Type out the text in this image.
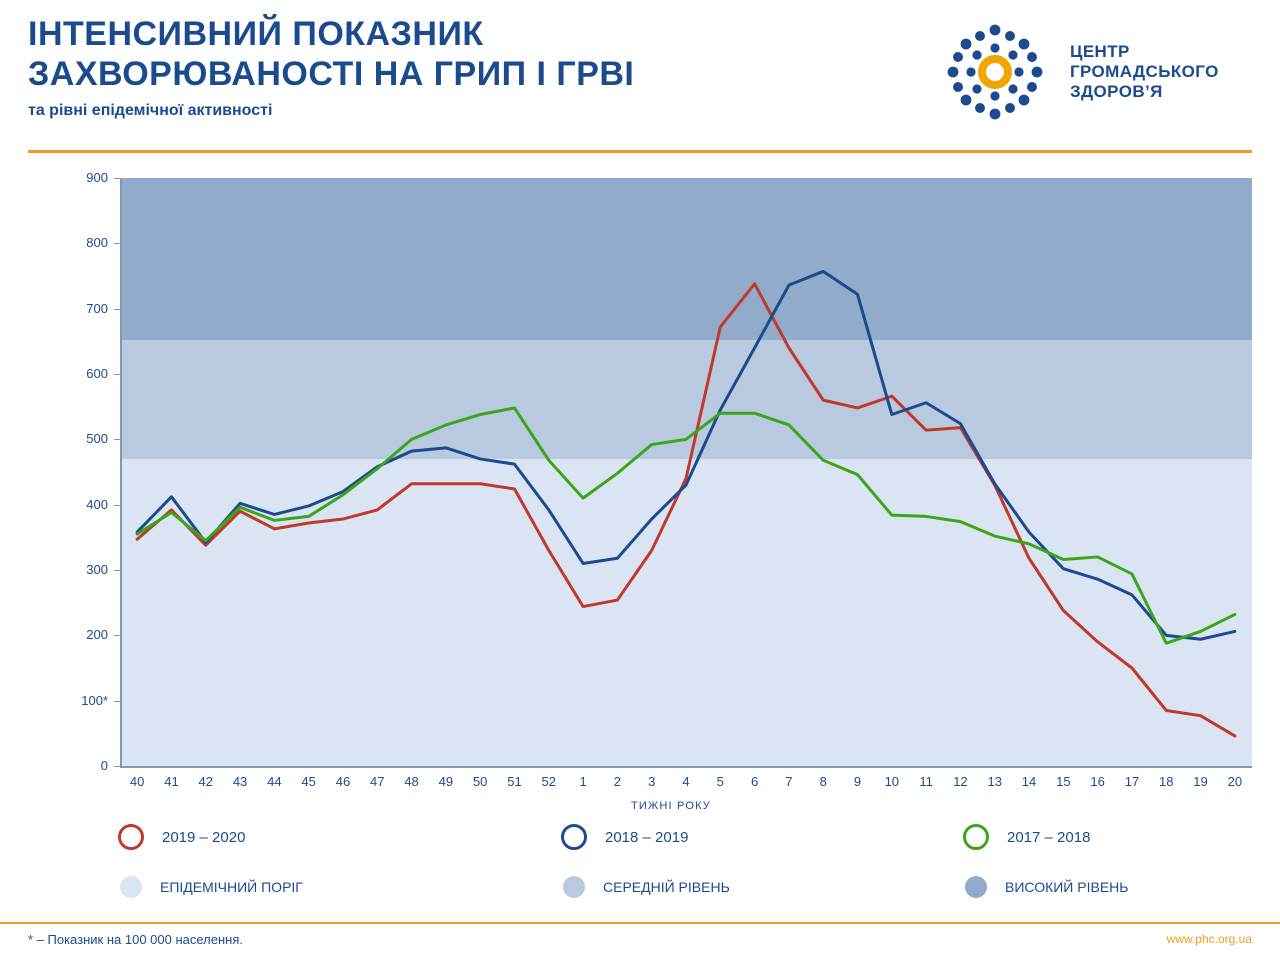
ІНТЕНСИВНИЙ ПОКАЗНИК
ЗАХВОРЮВАНОСТІ НА ГРИП І ГРВІ
та рівні епідемічної активності
ЦЕНТР
ГРОМАДСЬКОГО
ЗДОРОВ’Я
0
100*
200
300
400
500
600
700
800
900
40	41	42	43	44	45	46	47	48	49	50	51	52	1	2	3	4	5	6	7	8	9	10	11	12	13	14	15	16	17	18	19	20
ТИЖНІ РОКУ
2019 – 2020	2018 – 2019	2017 – 2018
ЕПІДЕМІЧНИЙ ПОРІГ	СЕРЕДНІЙ РІВЕНЬ	ВИСОКИЙ РІВЕНЬ
* – Показник на 100 000 населення.	www.phc.org.ua
